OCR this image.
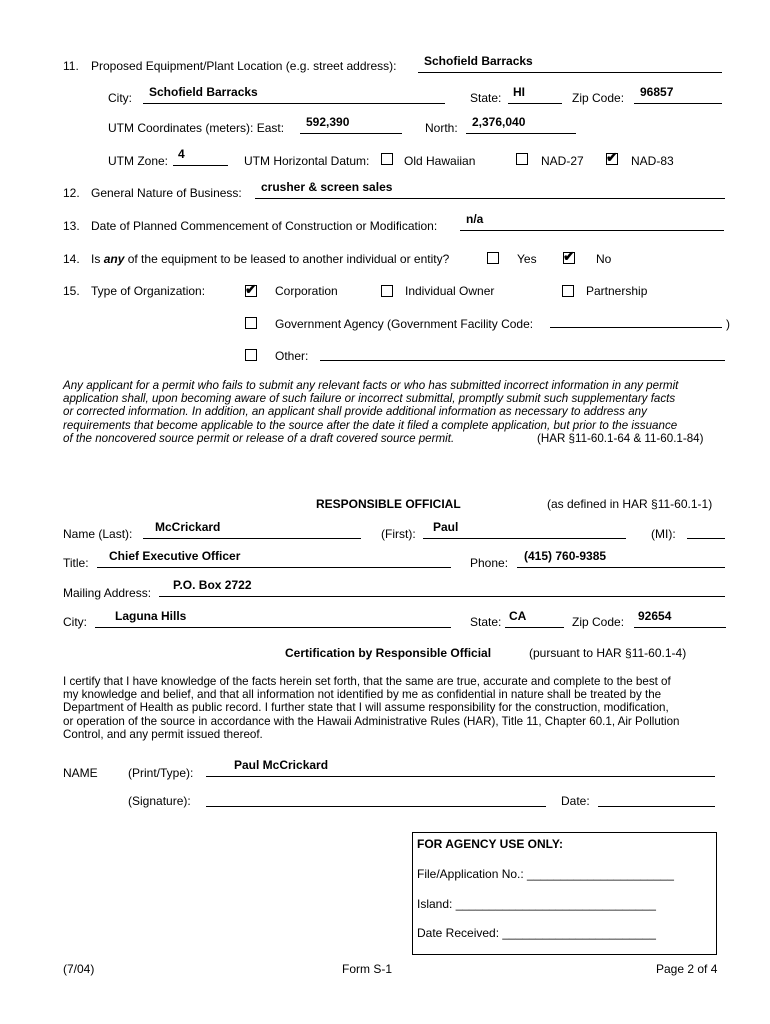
11. Proposed Equipment/Plant Location (e.g. street address): Schofield Barracks
City: Schofield Barracks	State: HI	Zip Code: 96857
UTM Coordinates (meters): East: 592,390	North: 2,376,040
UTM Zone: 4	UTM Horizontal Datum:	Old Hawaiian	NAD-27 ✔	NAD-83
12. General Nature of Business: crusher & screen sales
13. Date of Planned Commencement of Construction or Modification: n/a
14. Is any of the equipment to be leased to another individual or entity?	Yes ✔	No
15. Type of Organization: ✔	Corporation	Individual Owner	Partnership
Government Agency (Government Facility Code:	)
Other:

Any applicant for a permit who fails to submit any relevant facts or who has submitted incorrect information in any permit

application shall, upon becoming aware of such failure or incorrect submittal, promptly submit such supplementary facts

or corrected information. In addition, an applicant shall provide additional information as necessary to address any

requirements that become applicable to the source after the date it filed a complete application, but prior to the issuance

of the noncovered source permit or release of a draft covered source permit.	(HAR §11-60.1-64 & 11-60.1-84)

RESPONSIBLE OFFICIAL	(as defined in HAR §11-60.1-1)
Name (Last): McCrickard	(First): Paul	(MI):
Title: Chief Executive Officer	Phone: (415) 760-9385
Mailing Address:
P.O. Box 2722
City: Laguna Hills	State: CA	Zip Code: 92654
Certification by Responsible Official	(pursuant to HAR §11-60.1-4)

I certify that I have knowledge of the facts herein set forth, that the same are true, accurate and complete to the best of

my knowledge and belief, and that all information not identified by me as confidential in nature shall be treated by the

Department of Health as public record. I further state that I will assume responsibility for the construction, modification,

or operation of the source in accordance with the Hawaii Administrative Rules (HAR), Title 11, Chapter 60.1, Air Pollution

Control, and any permit issued thereof.

NAME	(Print/Type):
Paul McCrickard
(Signature):	Date:
FOR AGENCY USE ONLY:
File/Application No.: ______________________
Island: ______________________________
Date Received: _______________________
(7/04)	Form S-1	Page 2 of 4
